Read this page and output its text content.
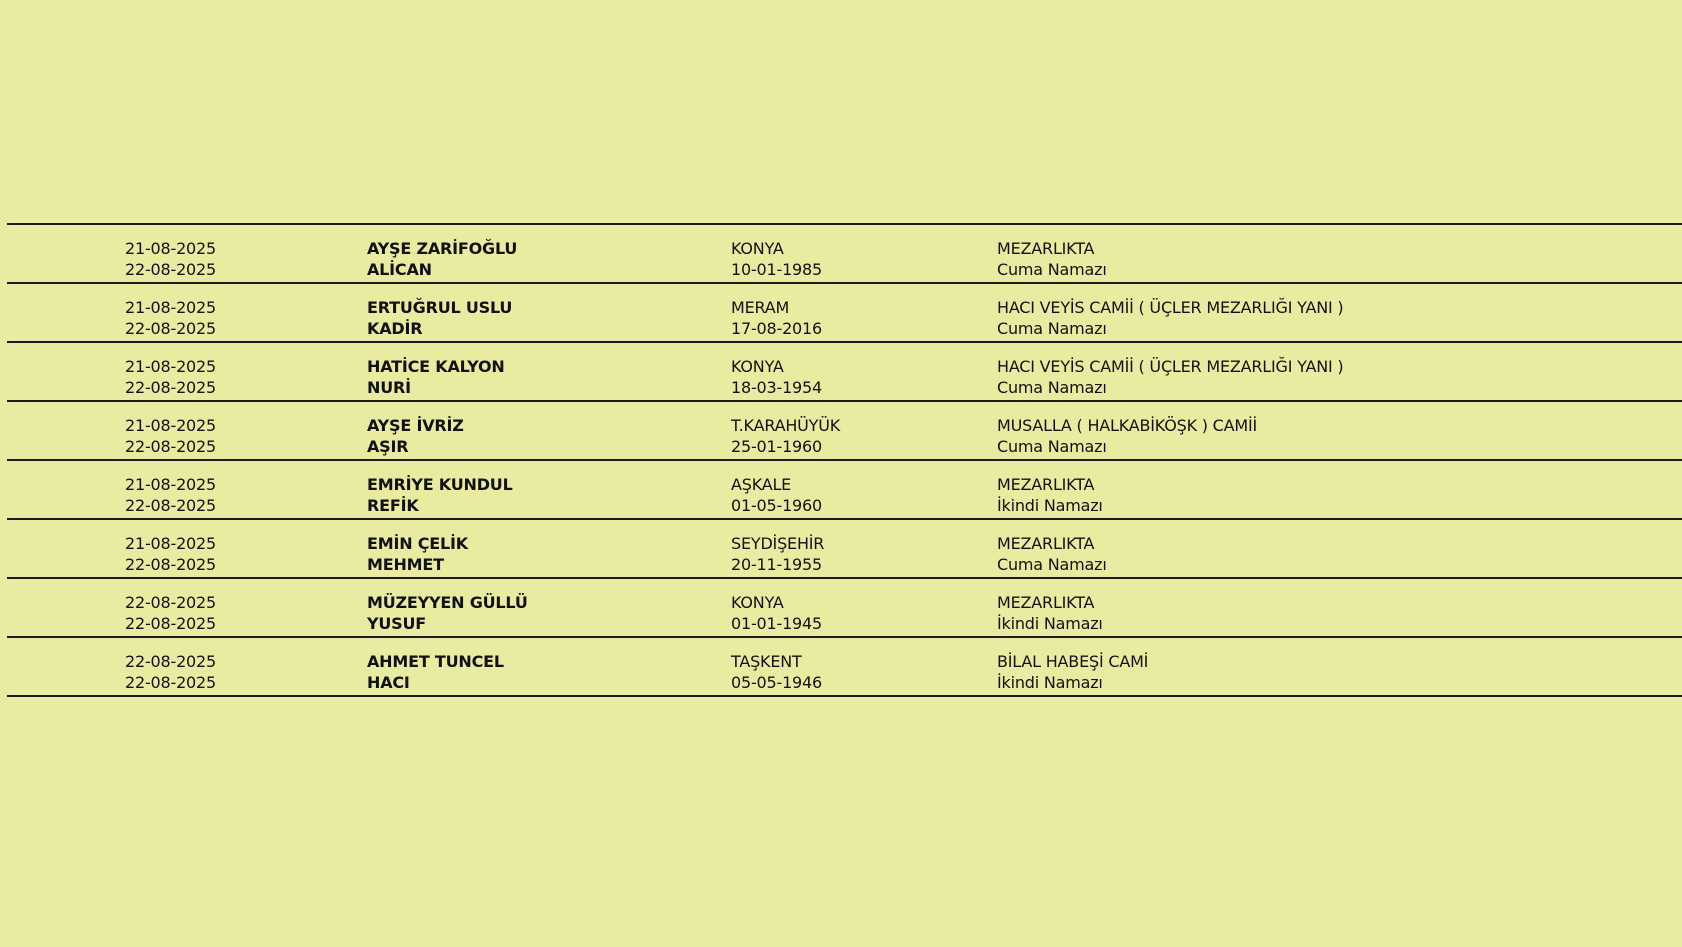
21-08-2025
22-08-2025
AYŞE ZARİFOĞLU
ALİCAN
KONYA
10-01-1985
MEZARLIKTA
Cuma Namazı
21-08-2025
22-08-2025
ERTUĞRUL USLU
KADİR
MERAM
17-08-2016
HACI VEYİS CAMİİ ( ÜÇLER MEZARLIĞI YANI )
Cuma Namazı
21-08-2025
22-08-2025
HATİCE KALYON
NURİ
KONYA
18-03-1954
HACI VEYİS CAMİİ ( ÜÇLER MEZARLIĞI YANI )
Cuma Namazı
21-08-2025
22-08-2025
AYŞE İVRİZ
AŞIR
T.KARAHÜYÜK
25-01-1960
MUSALLA ( HALKABİKÖŞK ) CAMİİ
Cuma Namazı
21-08-2025
22-08-2025
EMRİYE KUNDUL
REFİK
AŞKALE
01-05-1960
MEZARLIKTA
İkindi Namazı
21-08-2025
22-08-2025
EMİN ÇELİK
MEHMET
SEYDİŞEHİR
20-11-1955
MEZARLIKTA
Cuma Namazı
22-08-2025
22-08-2025
MÜZEYYEN GÜLLÜ
YUSUF
KONYA
01-01-1945
MEZARLIKTA
İkindi Namazı
22-08-2025
22-08-2025
AHMET TUNCEL
HACI
TAŞKENT
05-05-1946
BİLAL HABEŞİ CAMİ
İkindi Namazı
